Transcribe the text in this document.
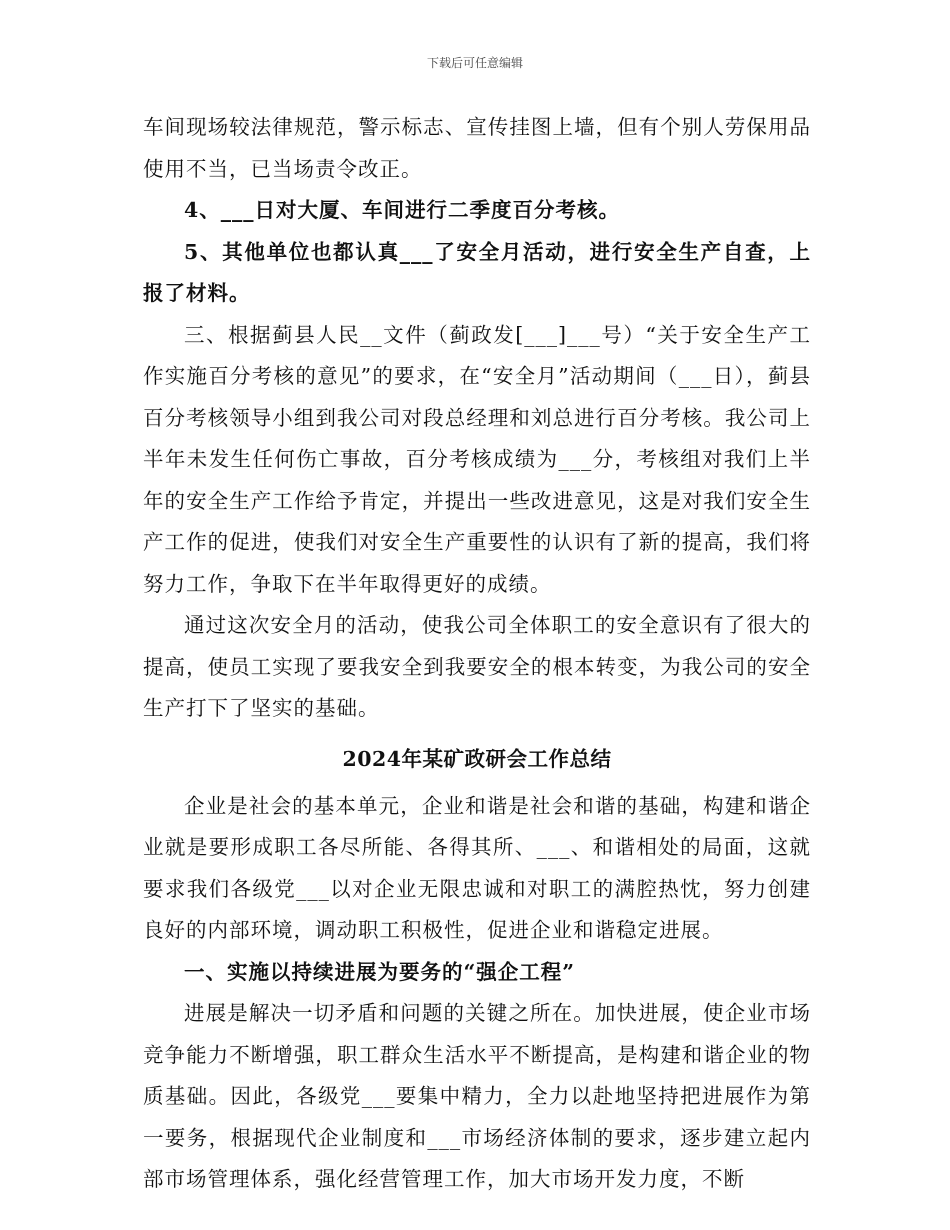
下载后可任意编辑

车间现场较法律规范，警示标志、宣传挂图上墙，但有个别人劳保用品使用不当，已当场责令改正。

4、___日对大厦、车间进行二季度百分考核。

5、其他单位也都认真___了安全月活动，进行安全生产自查，上报了材料。

三、根据蓟县人民__文件（蓟政发[___]___号）“关于安全生产工作实施百分考核的意见”的要求，在“安全月”活动期间（___日），蓟县百分考核领导小组到我公司对段总经理和刘总进行百分考核。我公司上半年未发生任何伤亡事故，百分考核成绩为___分，考核组对我们上半年的安全生产工作给予肯定，并提出一些改进意见，这是对我们安全生产工作的促进，使我们对安全生产重要性的认识有了新的提高，我们将努力工作，争取下在半年取得更好的成绩。

通过这次安全月的活动，使我公司全体职工的安全意识有了很大的提高，使员工实现了要我安全到我要安全的根本转变，为我公司的安全生产打下了坚实的基础。

2024年某矿政研会工作总结

企业是社会的基本单元，企业和谐是社会和谐的基础，构建和谐企业就是要形成职工各尽所能、各得其所、___、和谐相处的局面，这就要求我们各级党___以对企业无限忠诚和对职工的满腔热忱，努力创建良好的内部环境，调动职工积极性，促进企业和谐稳定进展。

一、实施以持续进展为要务的“强企工程”

进展是解决一切矛盾和问题的关键之所在。加快进展，使企业市场竞争能力不断增强，职工群众生活水平不断提高，是构建和谐企业的物质基础。因此，各级党___要集中精力，全力以赴地坚持把进展作为第一要务，根据现代企业制度和___市场经济体制的要求，逐步建立起内部市场管理体系，强化经营管理工作，加大市场开发力度，不断
